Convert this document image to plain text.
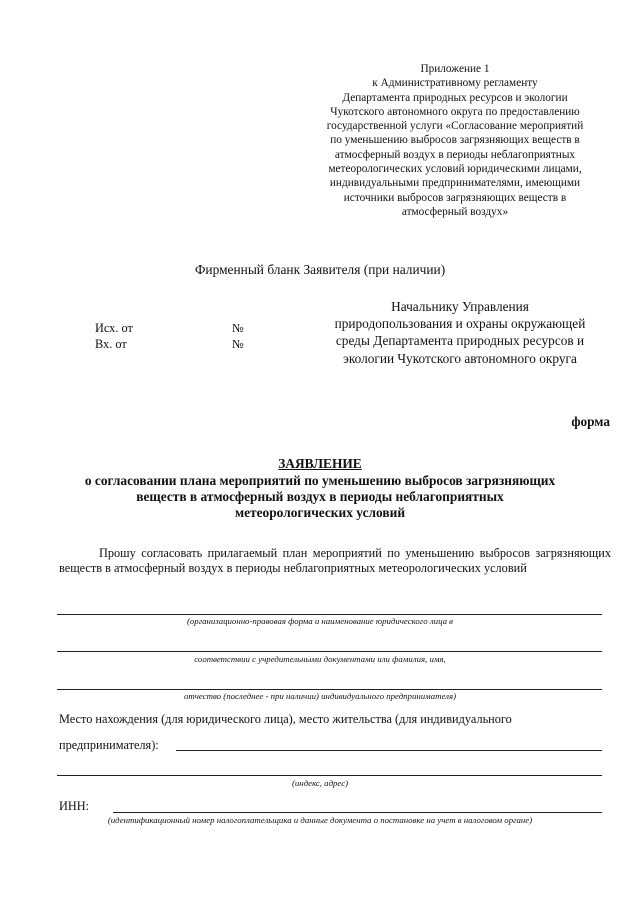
Приложение 1
к Административному регламенту
Департамента природных ресурсов и экологии
Чукотского автономного округа по предоставлению
государственной услуги «Согласование мероприятий
по уменьшению выбросов загрязняющих веществ в
атмосферный воздух в периоды неблагоприятных
метеорологических условий юридическими лицами,
индивидуальными предпринимателями, имеющими
источники выбросов загрязняющих веществ в
атмосферный воздух»
Фирменный бланк Заявителя (при наличии)
Исх. от	№
Вх. от	№
Начальнику Управления
природопользования и охраны окружающей
среды Департамента природных ресурсов и
экологии Чукотского автономного округа
форма
ЗАЯВЛЕНИЕ
о согласовании плана мероприятий по уменьшению выбросов загрязняющих
веществ в атмосферный воздух в периоды неблагоприятных
метеорологических условий
Прошу согласовать прилагаемый план мероприятий по уменьшению выбросов загрязняющих веществ в атмосферный воздух в периоды неблагоприятных метеорологических условий
(организационно-правовая форма и наименование юридического лица в
соответствии с учредительными документами или фамилия, имя,
отчество (последнее - при наличии) индивидуального предпринимателя)
Место нахождения (для юридического лица), место жительства (для индивидуального
предпринимателя):
(индекс, адрес)
ИНН:
(идентификационный номер налогоплательщика и данные документа о постановке на учет в налоговом органе)
